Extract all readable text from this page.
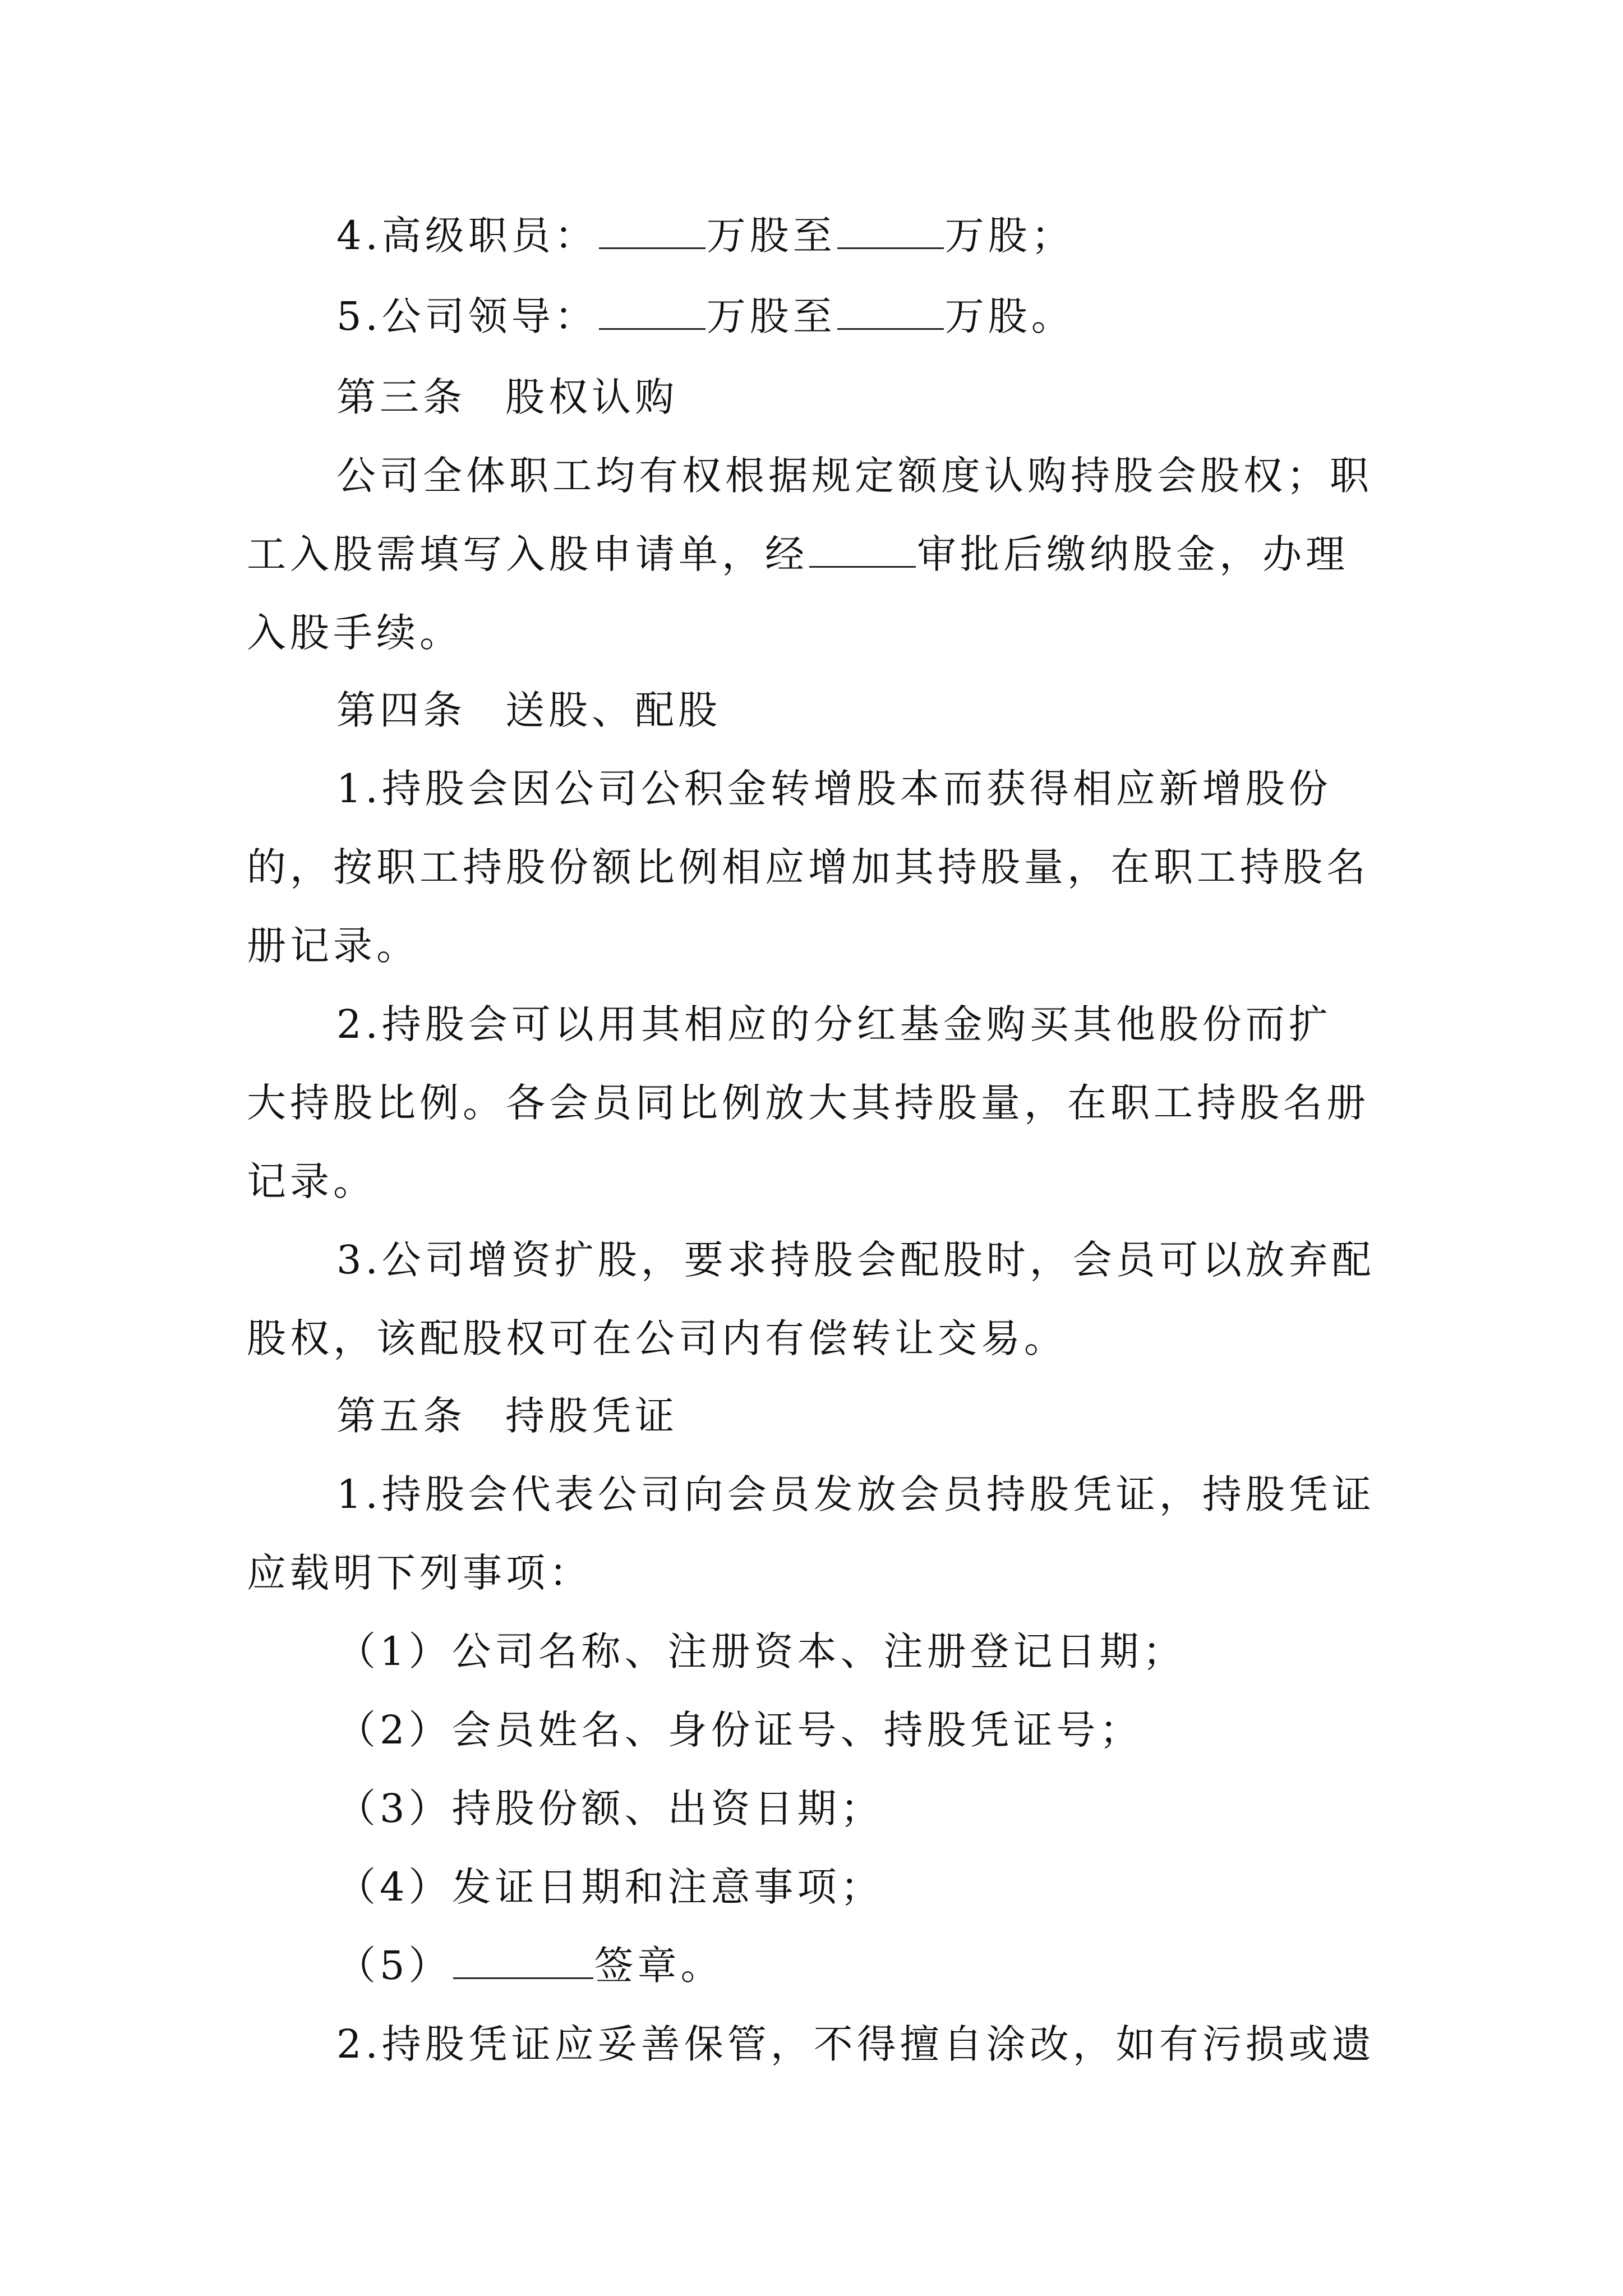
4.高级职员：	万股至	万股；
5.公司领导：	万股至	万股。
第三条 股权认购
公司全体职工均有权根据规定额度认购持股会股权；职
工入股需填写入股申请单，经	审批后缴纳股金，办理
入股手续。
第四条 送股、配股
1.持股会因公司公积金转增股本而获得相应新增股份
的，按职工持股份额比例相应增加其持股量，在职工持股名
册记录。
2.持股会可以用其相应的分红基金购买其他股份而扩
大持股比例。各会员同比例放大其持股量，在职工持股名册
记录。
3.公司增资扩股，要求持股会配股时，会员可以放弃配
股权，该配股权可在公司内有偿转让交易。
第五条 持股凭证
1.持股会代表公司向会员发放会员持股凭证，持股凭证
应载明下列事项：
（1）公司名称、注册资本、注册登记日期；
（2）会员姓名、身份证号、持股凭证号；
（3）持股份额、出资日期；
（4）发证日期和注意事项；
（5）	签章。
2.持股凭证应妥善保管，不得擅自涂改，如有污损或遗
